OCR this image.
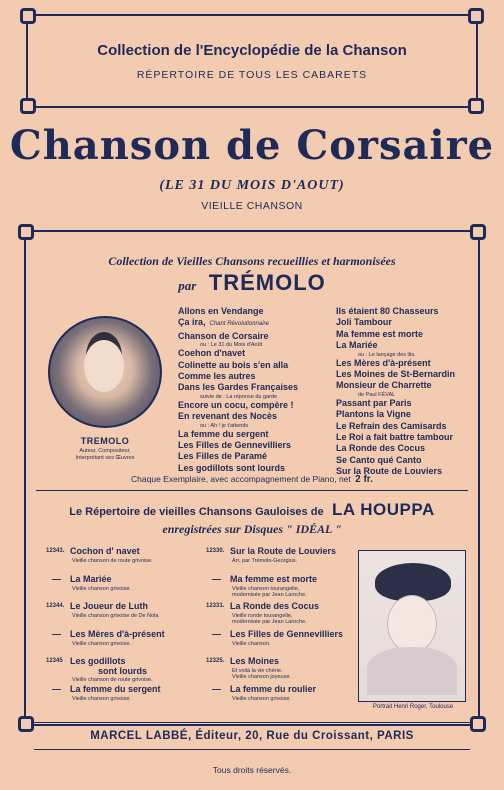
Collection de l'Encyclopédie de la Chanson
RÉPERTOIRE DE TOUS LES CABARETS
Chanson de Corsaire
(LE 31 DU MOIS D'AOUT)
VIEILLE CHANSON
Collection de Vieilles Chansons recueillies et harmonisées
par TRÉMOLO
TREMOLO
Auteur, Compositeur,
Interprétant ses Œuvres
Allons en Vendange
Ça ira, Chant Révolutionnaire
Chanson de Corsaire
ou : Le 31 du Mois d'Août
Coehon d'navet
Colinette au bois s'en alla
Comme les autres
Dans les Gardes Françaises
suivie de : La réponse du garde
Encore un cocu, compère !
En revenant des Nocès
ou : Ah ! je t'attends
La femme du sergent
Les Filles de Gennevilliers
Les Filles de Paramé
Les godillots sont lourds
Ils étaient 80 Chasseurs
Joli Tambour
Ma femme est morte
La Mariée
ou : Le lançage des lits.
Les Mères d'à-présent
Les Moines de St-Bernardin
Monsieur de Charrette
de Paul FÉVAL
Passant par Paris
Plantons la Vigne
Le Refrain des Camisards
Le Roi a fait battre tambour
La Ronde des Cocus
Se Canto qué Canto
Sur la Route de Louviers
Chaque Exemplaire, avec accompagnement de Piano, net 2 fr.
Le Répertoire de vieilles Chansons Gauloises de LA HOUPPA
enregistrées sur Disques " IDÉAL "
12343. Cochon d' navet
Vieille chanson de route grivoise.
— La Mariée
Vieille chanson grivoise.
12344. Le Joueur de Luth
Vieille chanson grivoise de De Nola
— Les Mères d'à-présent
Vieille chanson grivoise.
12345 Les godillots
sont lourds
Vieille chanson de route grivoise.
— La femme du sergent
Vieille chanson grivoise.
12330. Sur la Route de Louviers
Arr. par Trémolo-Georgius.
— Ma femme est morte
Vieille chanson tourangelle,
modernisée par Jean Laroche.
12331. La Ronde des Cocus
Vieille ronde tourangelle,
modernisée par Jean Laroche.
— Les Filles de Gennevilliers
Vieille chanson.
12325. Les Moines
Et voilà la vie chérie.
Vieille chanson joyeuse.
— La femme du roulier
Vieille chanson grivoise.
Portrait Henri Roger, Toulouse
MARCEL LABBÉ, Éditeur, 20, Rue du Croissant, PARIS
Tous droits réservés.
